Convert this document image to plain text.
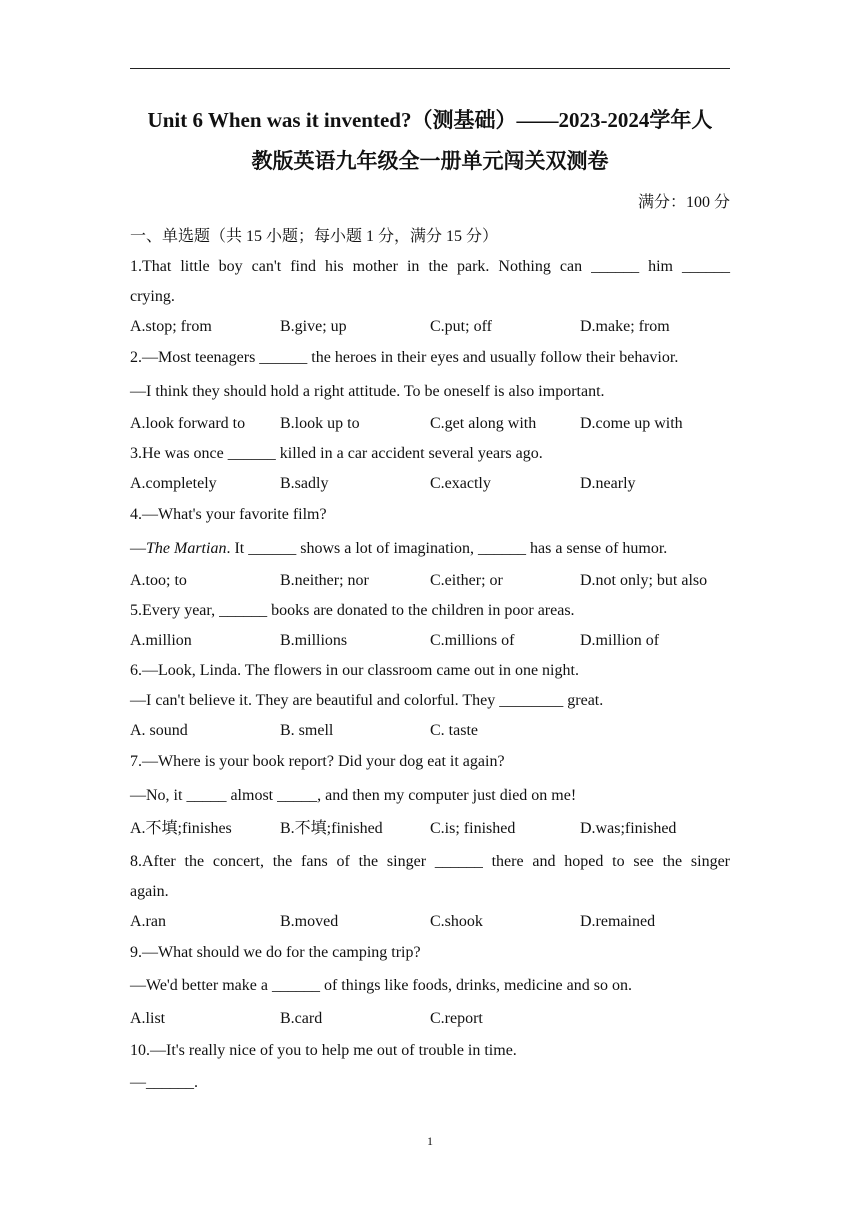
Unit 6 When was it invented?（测基础）——2023-2024学年人
教版英语九年级全一册单元闯关双测卷
满分：100 分
一、单选题（共 15 小题；每小题 1 分，满分 15 分）
1.That little boy can't find his mother in the park. Nothing can ______ him ______
crying.
A.stop; from	B.give; up	C.put; off	D.make; from
2.—Most teenagers ______ the heroes in their eyes and usually follow their behavior.
—I think they should hold a right attitude. To be oneself is also important.
A.look forward to B.look up to	C.get along with	D.come up with
3.He was once ______ killed in a car accident several years ago.
A.completely	B.sadly	C.exactly	D.nearly
4.—What's your favorite film?
—The Martian. It ______ shows a lot of imagination, ______ has a sense of humor.
A.too; to	B.neither; nor	C.either; or	D.not only; but also
5.Every year, ______ books are donated to the children in poor areas.
A.million	B.millions	C.millions of	D.million of
6.—Look, Linda. The flowers in our classroom came out in one night.
—I can't believe it. They are beautiful and colorful. They ________ great.
A. sound	B. smell	C. taste
7.—Where is your book report? Did your dog eat it again?
—No, it _____ almost _____, and then my computer just died on me!
A.不填;finishes	B.不填;finished	C.is; finished	D.was;finished
8.After the concert, the fans of the singer ______ there and hoped to see the singer
again.
A.ran	B.moved	C.shook	D.remained
9.—What should we do for the camping trip?
—We'd better make a ______ of things like foods, drinks, medicine and so on.
A.list	B.card	C.report
10.—It's really nice of you to help me out of trouble in time.
—______.
1
